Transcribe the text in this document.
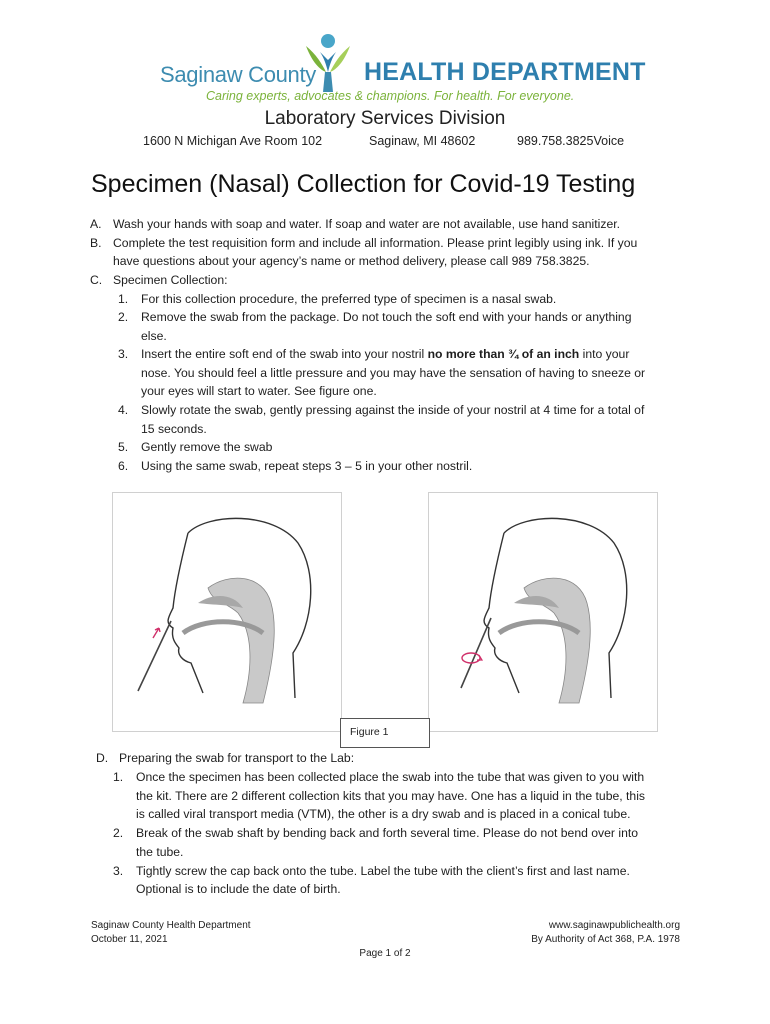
Saginaw County HEALTH DEPARTMENT
Caring experts, advocates & champions. For health. For everyone.
Laboratory Services Division
1600 N Michigan Ave Room 102	Saginaw, MI 48602	989.758.3825Voice
Specimen (Nasal) Collection for Covid-19 Testing
A. Wash your hands with soap and water. If soap and water are not available, use hand sanitizer.
B. Complete the test requisition form and include all information. Please print legibly using ink. If you
have questions about your agency’s name or method delivery, please call 989 758.3825.
C. Specimen Collection:
1. For this collection procedure, the preferred type of specimen is a nasal swab.
2. Remove the swab from the package. Do not touch the soft end with your hands or anything
else.
3. Insert the entire soft end of the swab into your nostril no more than ¾ of an inch into your
nose. You should feel a little pressure and you may have the sensation of having to sneeze or
your eyes will start to water. See figure one.
4. Slowly rotate the swab, gently pressing against the inside of your nostril at 4 time for a total of
15 seconds.
5. Gently remove the swab
6. Using the same swab, repeat steps 3 – 5 in your other nostril.
Figure 1
D. Preparing the swab for transport to the Lab:
1. Once the specimen has been collected place the swab into the tube that was given to you with
the kit. There are 2 different collection kits that you may have. One has a liquid in the tube, this
is called viral transport media (VTM), the other is a dry swab and is placed in a conical tube.
2. Break of the swab shaft by bending back and forth several time. Please do not bend over into
the tube.
3. Tightly screw the cap back onto the tube. Label the tube with the client’s first and last name.
Optional is to include the date of birth.
Saginaw County Health Department
October 11, 2021
www.saginawpublichealth.org
By Authority of Act 368, P.A. 1978
Page 1 of 2
